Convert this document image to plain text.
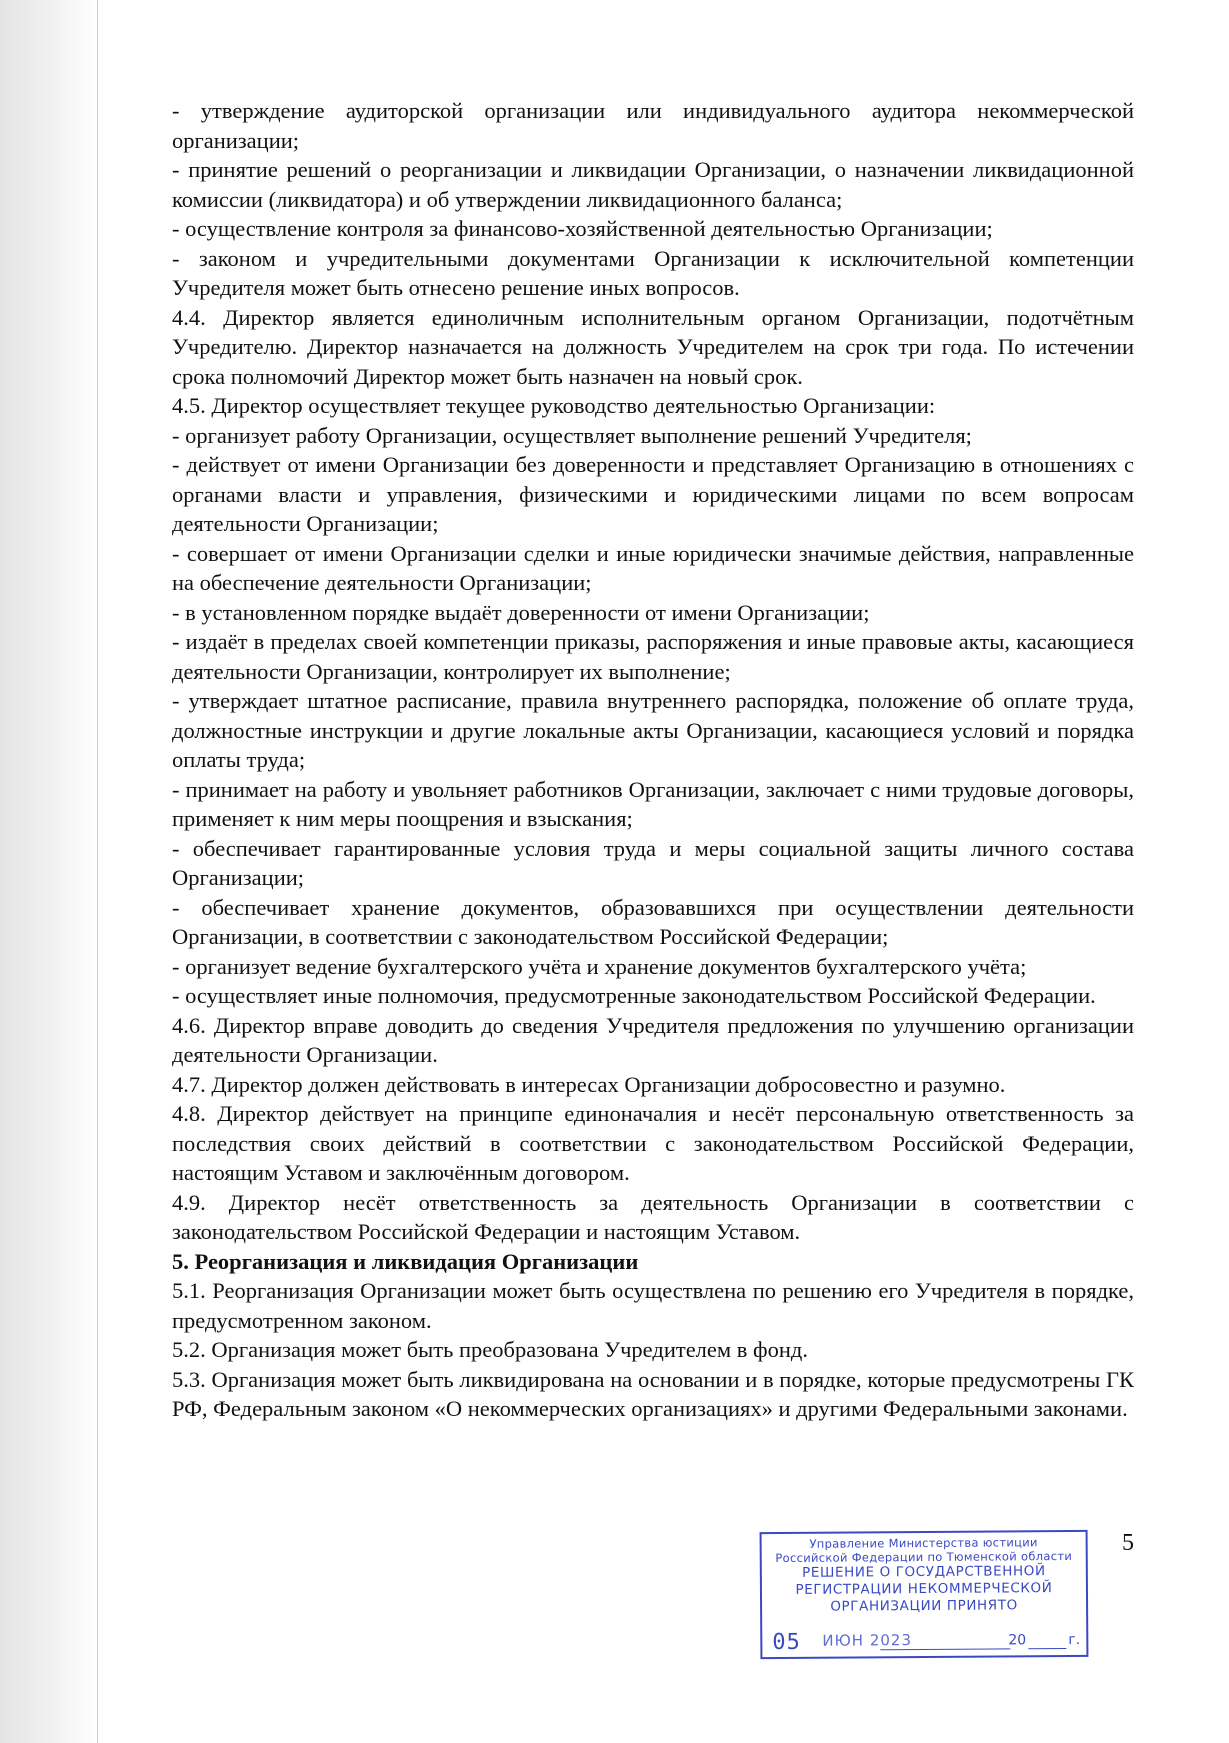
- утверждение аудиторской организации или индивидуального аудитора некоммерческой организации;

- принятие решений о реорганизации и ликвидации Организации, о назначении ликвидационной комиссии (ликвидатора) и об утверждении ликвидационного баланса;

- осуществление контроля за финансово-хозяйственной деятельностью Организации;

- законом и учредительными документами Организации к исключительной компетенции Учредителя может быть отнесено решение иных вопросов.

4.4. Директор является единоличным исполнительным органом Организации, подотчётным Учредителю. Директор назначается на должность Учредителем на срок три года. По истечении срока полномочий Директор может быть назначен на новый срок.

4.5. Директор осуществляет текущее руководство деятельностью Организации:

- организует работу Организации, осуществляет выполнение решений Учредителя;

- действует от имени Организации без доверенности и представляет Организацию в отношениях с органами власти и управления, физическими и юридическими лицами по всем вопросам деятельности Организации;

- совершает от имени Организации сделки и иные юридически значимые действия, направленные на обеспечение деятельности Организации;

- в установленном порядке выдаёт доверенности от имени Организации;

- издаёт в пределах своей компетенции приказы, распоряжения и иные правовые акты, касающиеся деятельности Организации, контролирует их выполнение;

- утверждает штатное расписание, правила внутреннего распорядка, положение об оплате труда, должностные инструкции и другие локальные акты Организации, касающиеся условий и порядка оплаты труда;

- принимает на работу и увольняет работников Организации, заключает с ними трудовые договоры, применяет к ним меры поощрения и взыскания;

- обеспечивает гарантированные условия труда и меры социальной защиты личного состава Организации;

- обеспечивает хранение документов, образовавшихся при осуществлении деятельности Организации, в соответствии с законодательством Российской Федерации;

- организует ведение бухгалтерского учёта и хранение документов бухгалтерского учёта;

- осуществляет иные полномочия, предусмотренные законодательством Российской Федерации.

4.6. Директор вправе доводить до сведения Учредителя предложения по улучшению организации деятельности Организации.

4.7. Директор должен действовать в интересах Организации добросовестно и разумно.

4.8. Директор действует на принципе единоначалия и несёт персональную ответственность за последствия своих действий в соответствии с законодательством Российской Федерации, настоящим Уставом и заключённым договором.

4.9. Директор несёт ответственность за деятельность Организации в соответствии с законодательством Российской Федерации и настоящим Уставом.

5. Реорганизация и ликвидация Организации

5.1. Реорганизация Организации может быть осуществлена по решению его Учредителя в порядке, предусмотренном законом.

5.2. Организация может быть преобразована Учредителем в фонд.

5.3. Организация может быть ликвидирована на основании и в порядке, которые предусмотрены ГК РФ, Федеральным законом «О некоммерческих организациях» и другими Федеральными законами.

5
Управление Министерства юстиции
Российской Федерации по Тюменской области
РЕШЕНИЕ О ГОСУДАРСТВЕННОЙ
РЕГИСТРАЦИИ НЕКОММЕРЧЕСКОЙ
ОРГАНИЗАЦИИ ПРИНЯТО
05 ИЮН 2023	20	г.
